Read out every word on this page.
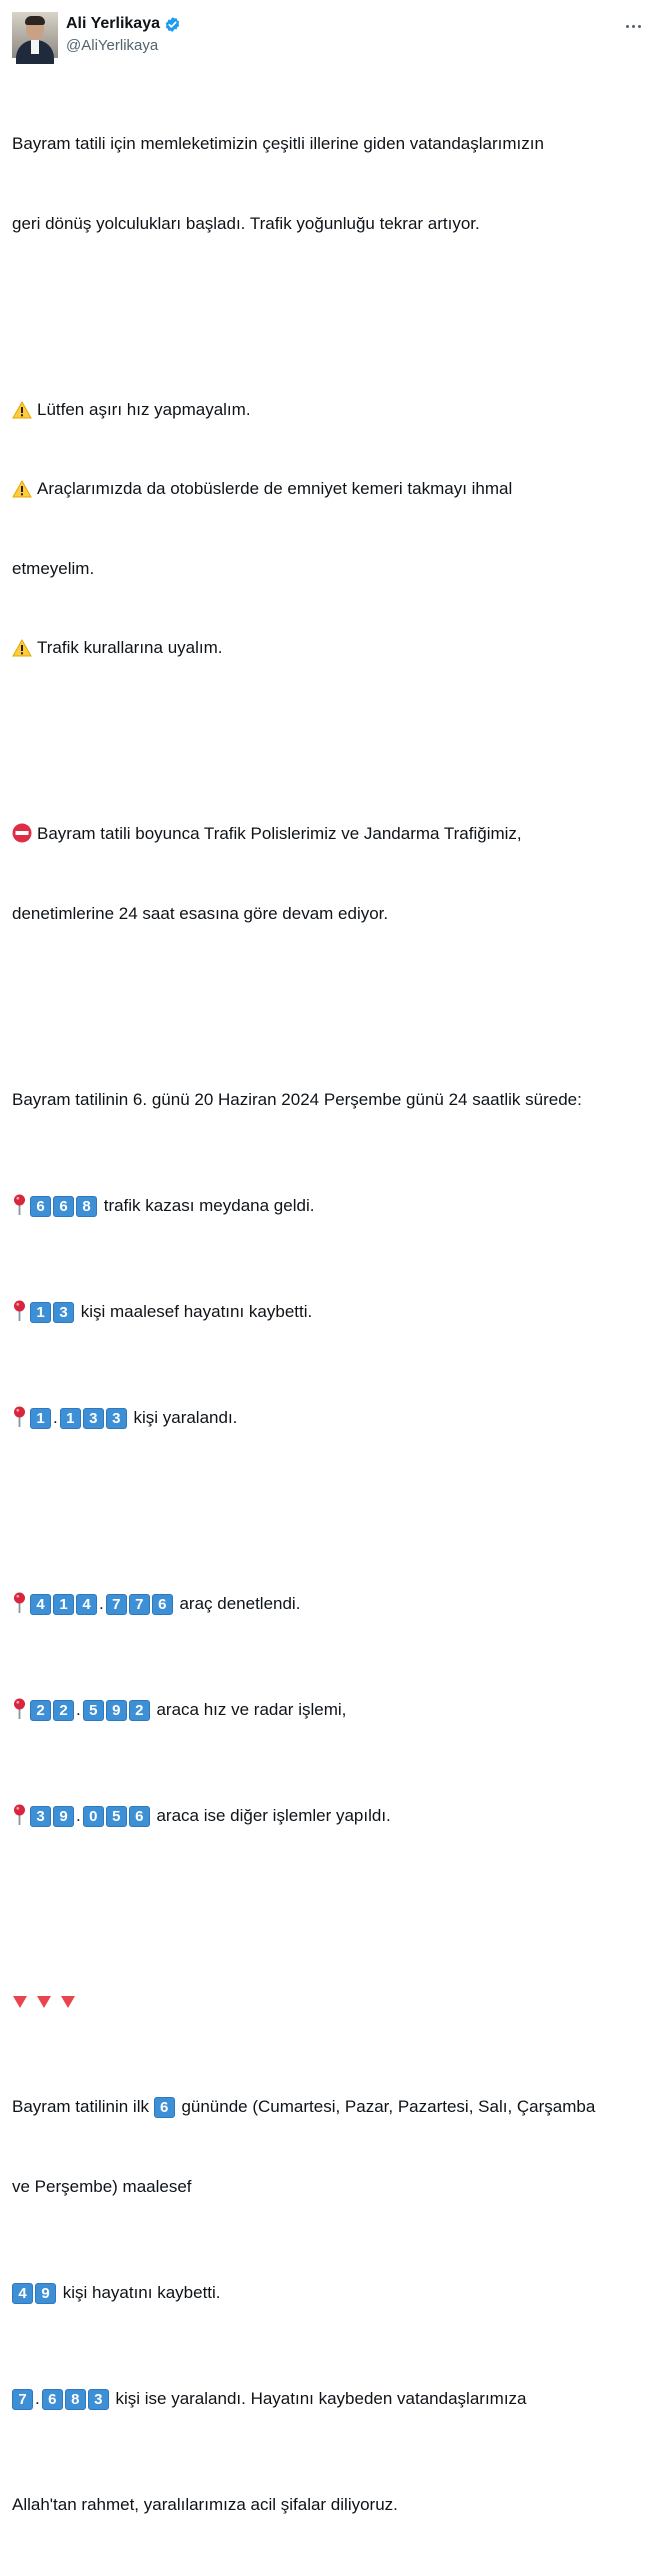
Ali Yerlikaya
@AliYerlikaya

Bayram tatili için memleketimizin çeşitli illerine giden vatandaşlarımızın

geri dönüş yolculukları başladı. Trafik yoğunluğu tekrar artıyor.

Lütfen aşırı hız yapmayalım.

Araçlarımızda da otobüslerde de emniyet kemeri takmayı ihmal

etmeyelim.

Trafik kurallarına uyalım.

Bayram tatili boyunca Trafik Polislerimiz ve Jandarma Trafiğimiz,

denetimlerine 24 saat esasına göre devam ediyor.

Bayram tatilinin 6. günü 20 Haziran 2024 Perşembe günü 24 saatlik sürede:

6 6 8 trafik kazası meydana geldi.

1 3 kişi maalesef hayatını kaybetti.

1 . 1 3 3 kişi yaralandı.

4 1 4 . 7 7 6 araç denetlendi.

2 2 . 5 9 2 araca hız ve radar işlemi,

3 9 . 0 5 6 araca ise diğer işlemler yapıldı.

Bayram tatilinin ilk 6 gününde (Cumartesi, Pazar, Pazartesi, Salı, Çarşamba

ve Perşembe) maalesef

4 9 kişi hayatını kaybetti.

7 . 6 8 3 kişi ise yaralandı. Hayatını kaybeden vatandaşlarımıza

Allah'tan rahmet, yaralılarımıza acil şifalar diliyoruz.
